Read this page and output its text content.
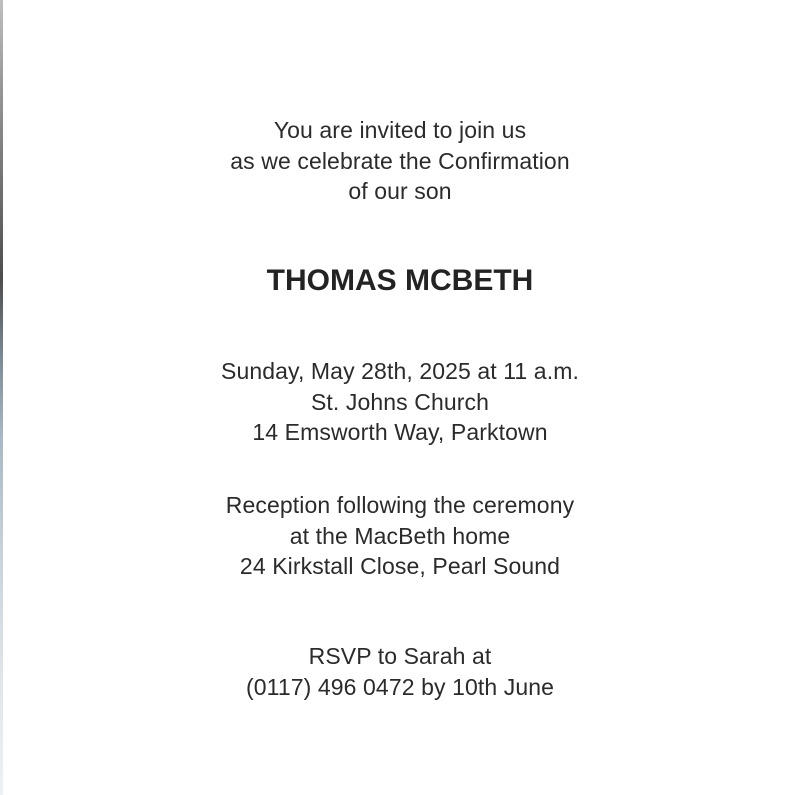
You are invited to join us
as we celebrate the Confirmation
of our son
THOMAS MCBETH
Sunday, May 28th, 2025 at 11 a.m.
St. Johns Church
14 Emsworth Way, Parktown
Reception following the ceremony
at the MacBeth home
24 Kirkstall Close, Pearl Sound
RSVP to Sarah at
(0117) 496 0472 by 10th June
